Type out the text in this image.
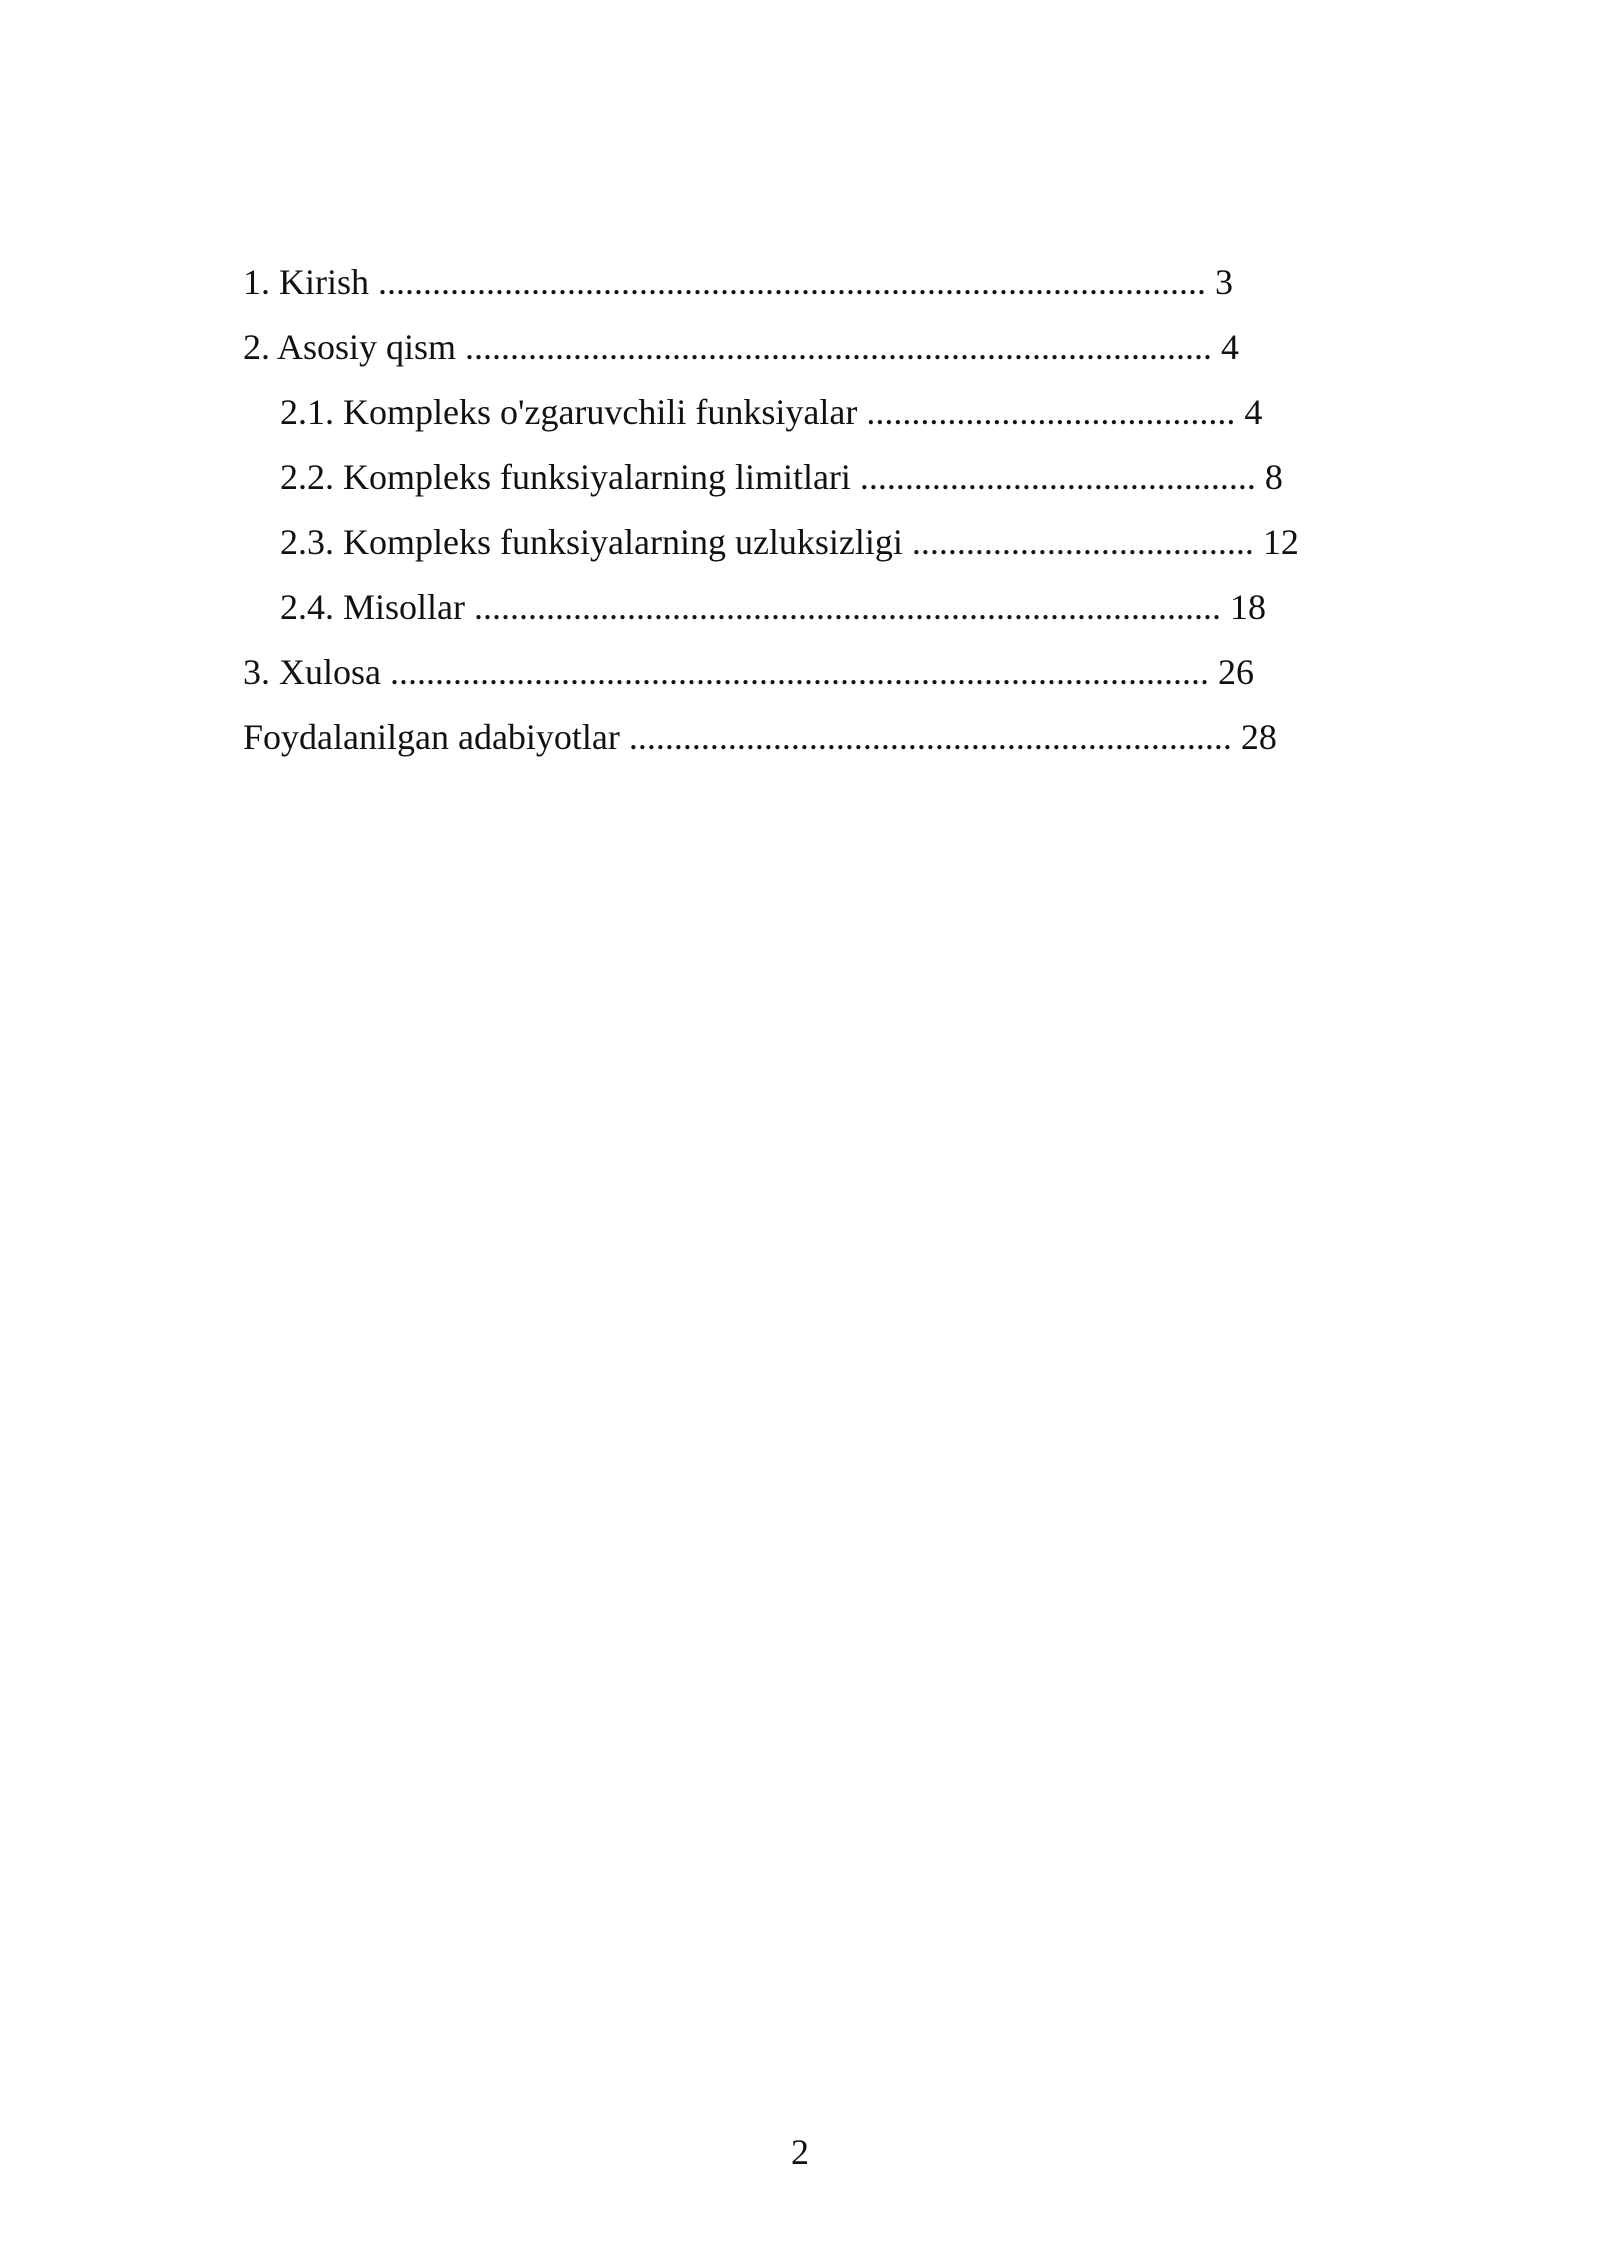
1. Kirish ............................................................................................ 3
2. Asosiy qism ................................................................................... 4
2.1. Kompleks o'zgaruvchili funksiyalar ......................................... 4
2.2. Kompleks funksiyalarning limitlari ............................................ 8
2.3. Kompleks funksiyalarning uzluksizligi ...................................... 12
2.4. Misollar ................................................................................... 18
3. Xulosa ........................................................................................... 26
Foydalanilgan adabiyotlar ................................................................... 28
2
